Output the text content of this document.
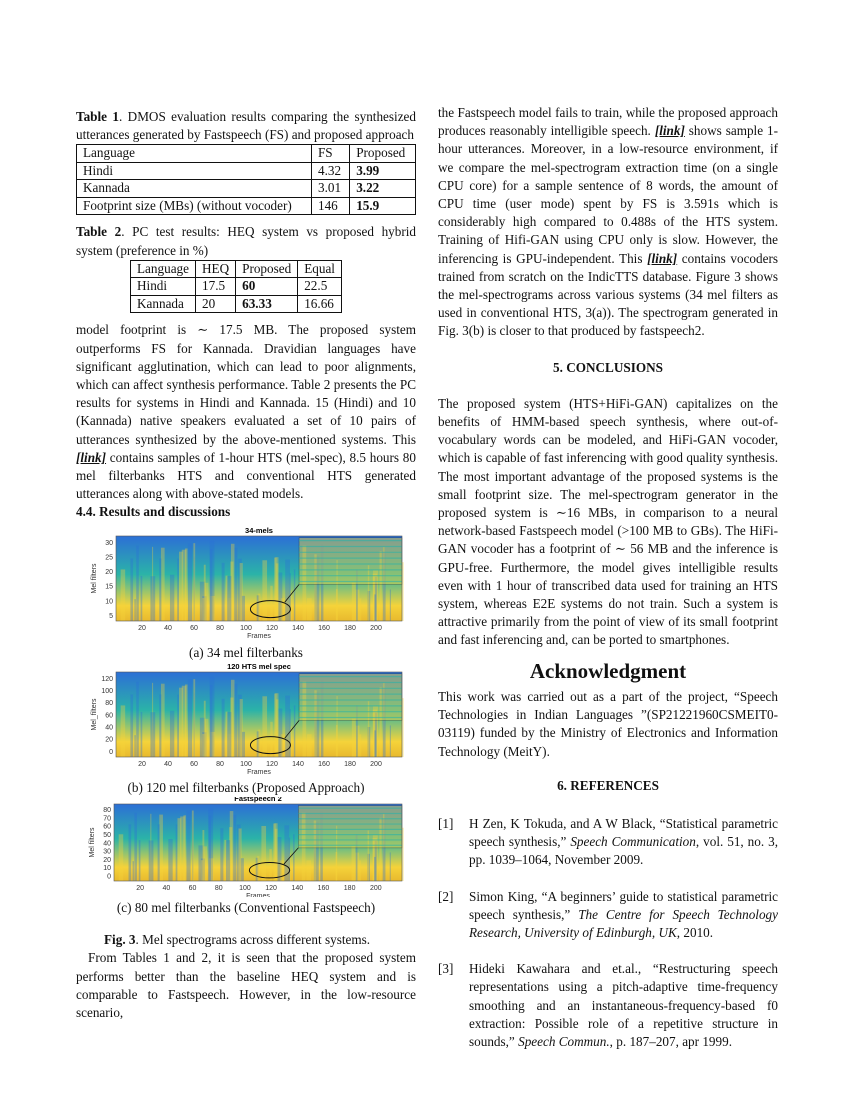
Table 1. DMOS evaluation results comparing the synthesized utterances generated by Fastspeech (FS) and proposed approach

Language	FS	Proposed
Hindi	4.32	3.99
Kannada	3.01	3.22
Footprint size (MBs) (without vocoder)	146	15.9

Table 2. PC test results: HEQ system vs proposed hybrid system (preference in %)

Language	HEQ	Proposed	Equal
Hindi	17.5	60	22.5
Kannada	20	63.33	16.66

model footprint is ∼ 17.5 MB. The proposed system outperforms FS for Kannada. Dravidian languages have significant agglutination, which can lead to poor alignments, which can affect synthesis performance. Table 2 presents the PC results for systems in Hindi and Kannada. 15 (Hindi) and 10 (Kannada) native speakers evaluated a set of 10 pairs of utterances synthesized by the above-mentioned systems. This [link] contains samples of 1-hour HTS (mel-spec), 8.5 hours 80 mel filterbanks HTS and conventional HTS generated utterances along with above-stated models.

4.4. Results and discussions
34-mels
30
25
20
15
10
5
20	40	60	80 100 120 140 160 180 200
Frames
Mel filters
(a) 34 mel filterbanks
120 HTS mel spec
120
100
80
60
40
20
0
20	40	60	80 100 120 140 160 180 200
Frames
Mel_filters
(b) 120 mel filterbanks (Proposed Approach)
Fastspeech 2
80
70
60
50
40
30
20
10
0
20	40	60	80 100 120 140 160 180 200
Frames
Mel filters
(c) 80 mel filterbanks (Conventional Fastspeech)

Fig. 3. Mel spectrograms across different systems.

From Tables 1 and 2, it is seen that the proposed system performs better than the baseline HEQ system and is comparable to Fastspeech. However, in the low-resource scenario,

the Fastspeech model fails to train, while the proposed approach produces reasonably intelligible speech. [link] shows sample 1-hour utterances. Moreover, in a low-resource environment, if we compare the mel-spectrogram extraction time (on a single CPU core) for a sample sentence of 8 words, the amount of CPU time (user mode) spent by FS is 3.591s which is considerably high compared to 0.488s of the HTS system. Training of Hifi-GAN using CPU only is slow. However, the inferencing is GPU-independent. This [link] contains vocoders trained from scratch on the IndicTTS database. Figure 3 shows the mel-spectrograms across various systems (34 mel filters as used in conventional HTS, 3(a)). The spectrogram generated in Fig. 3(b) is closer to that produced by fastspeech2.

5. CONCLUSIONS

The proposed system (HTS+HiFi-GAN) capitalizes on the benefits of HMM-based speech synthesis, where out-of-vocabulary words can be modeled, and HiFi-GAN vocoder, which is capable of fast inferencing with good quality synthesis. The most important advantage of the proposed systems is the small footprint size. The mel-spectrogram generator in the proposed system is ∼16 MBs, in comparison to a neural network-based Fastspeech model (>100 MB to GBs). The HiFi-GAN vocoder has a footprint of ∼ 56 MB and the inference is GPU-free. Furthermore, the model gives intelligible results even with 1 hour of transcribed data used for training an HTS system, whereas E2E systems do not train. Such a system is attractive primarily from the point of view of its small footprint and fast inferencing and, can be ported to smartphones.

Acknowledgment

This work was carried out as a part of the project, “Speech Technologies in Indian Languages ”(SP21221960CSMEIT0-03119) funded by the Ministry of Electronics and Information Technology (MeitY).

6. REFERENCES
[1]	H Zen, K Tokuda, and A W Black, “Statistical parametric speech synthesis,” Speech Communication, vol. 51, no. 3, pp. 1039–1064, November 2009.
[2]	Simon King, “A beginners’ guide to statistical parametric speech synthesis,” The Centre for Speech Technology Research, University of Edinburgh, UK, 2010.
[3]	Hideki Kawahara and et.al., “Restructuring speech representations using a pitch-adaptive time-frequency smoothing and an instantaneous-frequency-based f0 extraction: Possible role of a repetitive structure in sounds,” Speech Commun., p. 187–207, apr 1999.
